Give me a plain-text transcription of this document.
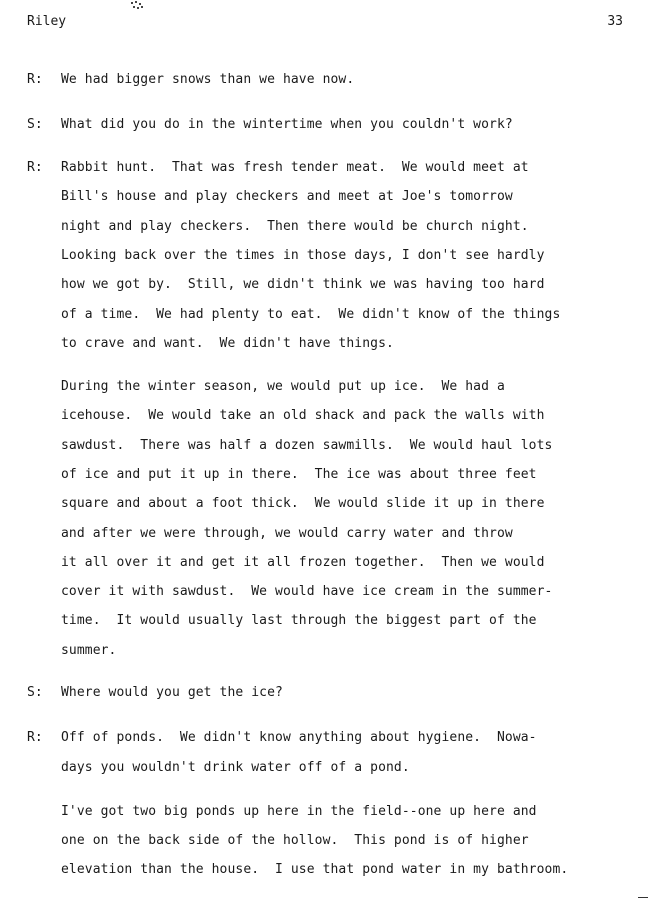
Riley	33
R: We had bigger snows than we have now.
S: What did you do in the wintertime when you couldn't work?
R: Rabbit hunt.  That was fresh tender meat.  We would meet at
Bill's house and play checkers and meet at Joe's tomorrow
night and play checkers.  Then there would be church night.
Looking back over the times in those days, I don't see hardly
how we got by.  Still, we didn't think we was having too hard
of a time.  We had plenty to eat.  We didn't know of the things
to crave and want.  We didn't have things.
During the winter season, we would put up ice.  We had a
icehouse.  We would take an old shack and pack the walls with
sawdust.  There was half a dozen sawmills.  We would haul lots
of ice and put it up in there.  The ice was about three feet
square and about a foot thick.  We would slide it up in there
and after we were through, we would carry water and throw
it all over it and get it all frozen together.  Then we would
cover it with sawdust.  We would have ice cream in the summer-
time.  It would usually last through the biggest part of the
summer.
S: Where would you get the ice?
R: Off of ponds.  We didn't know anything about hygiene.  Nowa-
days you wouldn't drink water off of a pond.
I've got two big ponds up here in the field--one up here and
one on the back side of the hollow.  This pond is of higher
elevation than the house.  I use that pond water in my bathroom.
